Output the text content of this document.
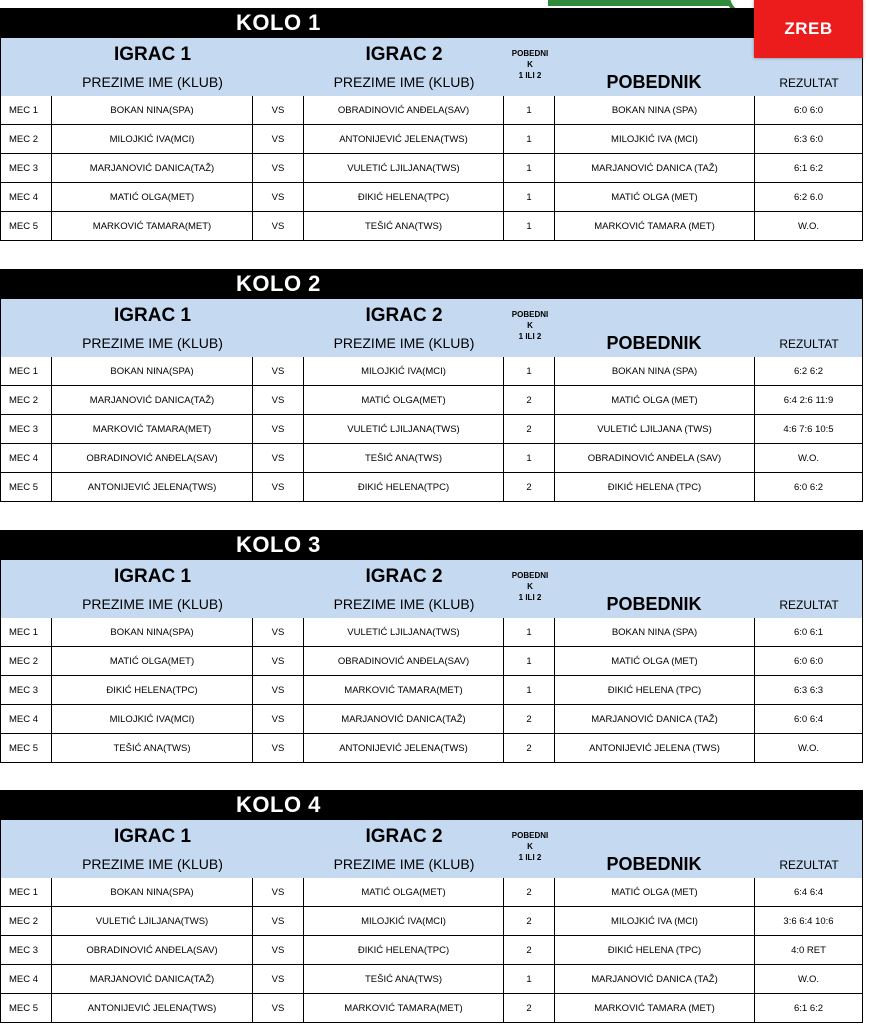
ZREB
KOLO 1
IGRAC 1
PREZIME IME (KLUB)
IGRAC 2
PREZIME IME (KLUB)
POBEDNI
K
1 ILI 2	POBEDNIK	REZULTAT
MEC 1	BOKAN NINA(SPA)	VS	OBRADINOVIĆ ANĐELA(SAV)	1	BOKAN NINA (SPA)	6:0 6:0
MEC 2	MILOJKIĆ IVA(MCI)	VS	ANTONIJEVIĆ JELENA(TWS)	1	MILOJKIĆ IVA (MCI)	6:3 6:0
MEC 3	MARJANOVIĆ DANICA(TAŽ)	VS	VULETIĆ LJILJANA(TWS)	1	MARJANOVIĆ DANICA (TAŽ)	6:1 6:2
MEC 4	MATIĆ OLGA(MET)	VS	ĐIKIĆ HELENA(TPC)	1	MATIĆ OLGA (MET)	6:2 6.0
MEC 5	MARKOVIĆ TAMARA(MET)	VS	TEŠIĆ ANA(TWS)	1	MARKOVIĆ TAMARA (MET)	W.O.
KOLO 2
IGRAC 1
PREZIME IME (KLUB)
IGRAC 2
PREZIME IME (KLUB)
POBEDNI
K
1 ILI 2	POBEDNIK	REZULTAT
MEC 1	BOKAN NINA(SPA)	VS	MILOJKIĆ IVA(MCI)	1	BOKAN NINA (SPA)	6:2 6:2
MEC 2	MARJANOVIĆ DANICA(TAŽ)	VS	MATIĆ OLGA(MET)	2	MATIĆ OLGA (MET)	6:4 2:6 11:9
MEC 3	MARKOVIĆ TAMARA(MET)	VS	VULETIĆ LJILJANA(TWS)	2	VULETIĆ LJILJANA (TWS)	4:6 7:6 10:5
MEC 4	OBRADINOVIĆ ANĐELA(SAV)	VS	TEŠIĆ ANA(TWS)	1	OBRADINOVIĆ ANĐELA (SAV)	W.O.
MEC 5	ANTONIJEVIĆ JELENA(TWS)	VS	ĐIKIĆ HELENA(TPC)	2	ĐIKIĆ HELENA (TPC)	6:0 6:2
KOLO 3
IGRAC 1
PREZIME IME (KLUB)
IGRAC 2
PREZIME IME (KLUB)
POBEDNI
K
1 ILI 2	POBEDNIK	REZULTAT
MEC 1	BOKAN NINA(SPA)	VS	VULETIĆ LJILJANA(TWS)	1	BOKAN NINA (SPA)	6:0 6:1
MEC 2	MATIĆ OLGA(MET)	VS	OBRADINOVIĆ ANĐELA(SAV)	1	MATIĆ OLGA (MET)	6:0 6:0
MEC 3	ĐIKIĆ HELENA(TPC)	VS	MARKOVIĆ TAMARA(MET)	1	ĐIKIĆ HELENA (TPC)	6:3 6:3
MEC 4	MILOJKIĆ IVA(MCI)	VS	MARJANOVIĆ DANICA(TAŽ)	2	MARJANOVIĆ DANICA (TAŽ)	6:0 6:4
MEC 5	TEŠIĆ ANA(TWS)	VS	ANTONIJEVIĆ JELENA(TWS)	2	ANTONIJEVIĆ JELENA (TWS)	W.O.
KOLO 4
IGRAC 1
PREZIME IME (KLUB)
IGRAC 2
PREZIME IME (KLUB)
POBEDNI
K
1 ILI 2	POBEDNIK	REZULTAT
MEC 1	BOKAN NINA(SPA)	VS	MATIĆ OLGA(MET)	2	MATIĆ OLGA (MET)	6:4 6:4
MEC 2	VULETIĆ LJILJANA(TWS)	VS	MILOJKIĆ IVA(MCI)	2	MILOJKIĆ IVA (MCI)	3:6 6:4 10:6
MEC 3	OBRADINOVIĆ ANĐELA(SAV)	VS	ĐIKIĆ HELENA(TPC)	2	ĐIKIĆ HELENA (TPC)	4:0 RET
MEC 4	MARJANOVIĆ DANICA(TAŽ)	VS	TEŠIĆ ANA(TWS)	1	MARJANOVIĆ DANICA (TAŽ)	W.O.
MEC 5	ANTONIJEVIĆ JELENA(TWS)	VS	MARKOVIĆ TAMARA(MET)	2	MARKOVIĆ TAMARA (MET)	6:1 6:2
